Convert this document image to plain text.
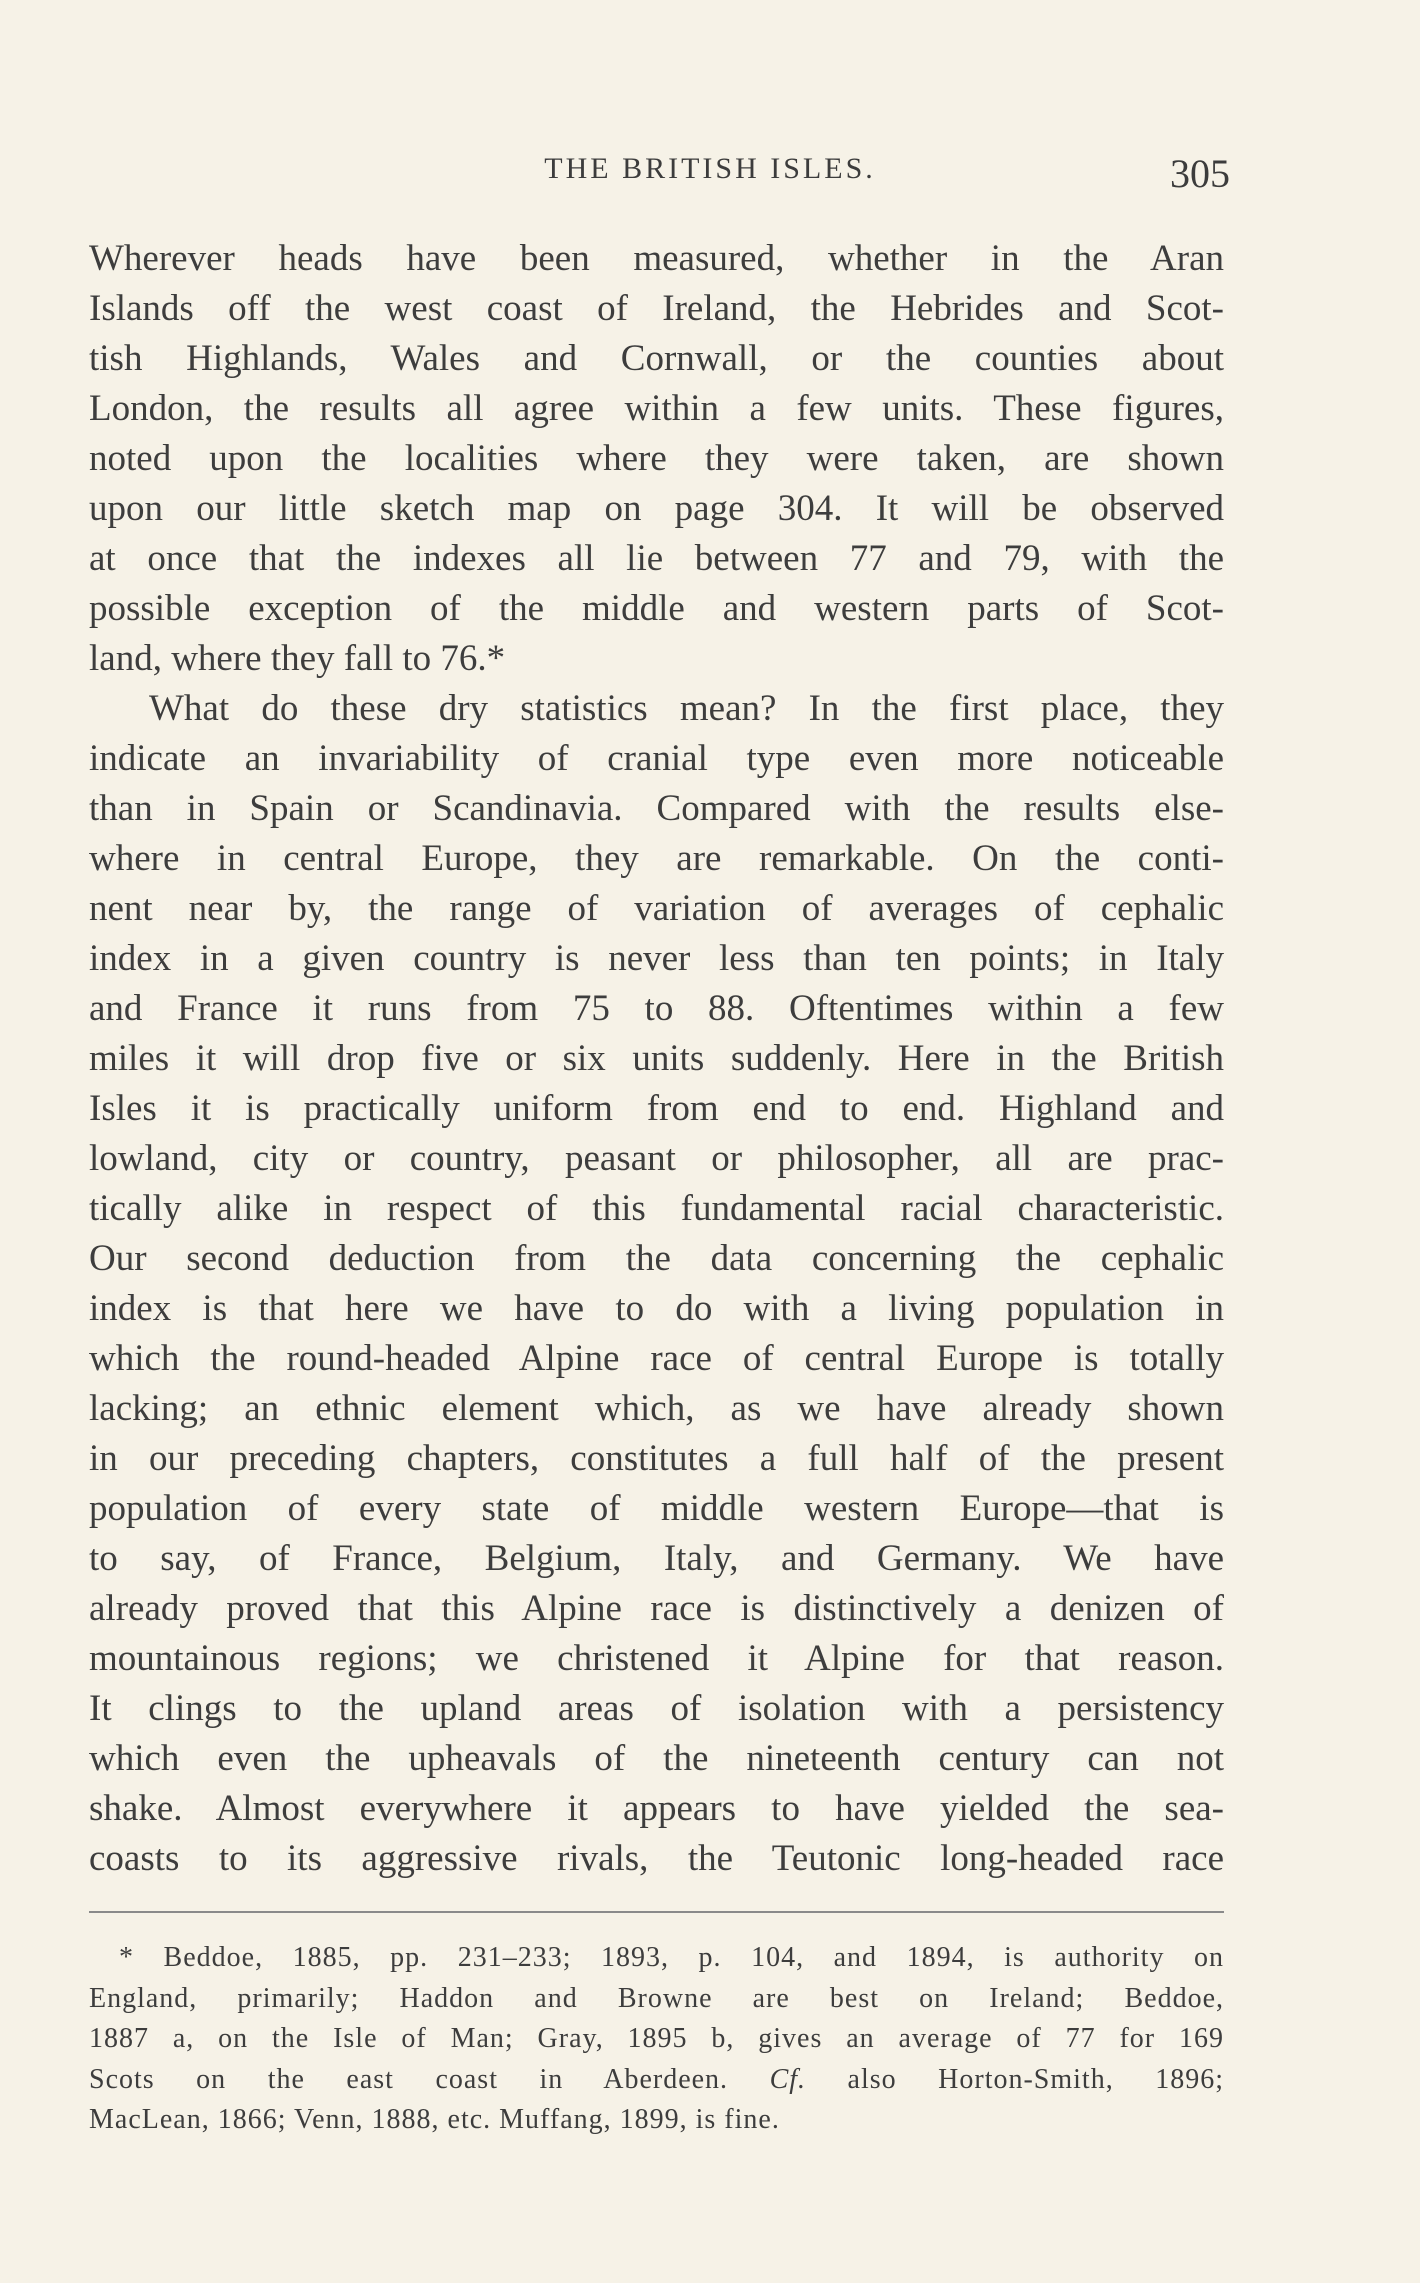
THE BRITISH ISLES.	305
Wherever heads have been measured, whether in the Aran
Islands off the west coast of Ireland, the Hebrides and Scot-
tish Highlands, Wales and Cornwall, or the counties about
London, the results all agree within a few units. These figures,
noted upon the localities where they were taken, are shown
upon our little sketch map on page 304. It will be observed
at once that the indexes all lie between 77 and 79, with the
possible exception of the middle and western parts of Scot-
land, where they fall to 76.*
What do these dry statistics mean? In the first place, they
indicate an invariability of cranial type even more noticeable
than in Spain or Scandinavia. Compared with the results else-
where in central Europe, they are remarkable. On the conti-
nent near by, the range of variation of averages of cephalic
index in a given country is never less than ten points; in Italy
and France it runs from 75 to 88. Oftentimes within a few
miles it will drop five or six units suddenly. Here in the British
Isles it is practically uniform from end to end. Highland and
lowland, city or country, peasant or philosopher, all are prac-
tically alike in respect of this fundamental racial characteristic.
Our second deduction from the data concerning the cephalic
index is that here we have to do with a living population in
which the round-headed Alpine race of central Europe is totally
lacking; an ethnic element which, as we have already shown
in our preceding chapters, constitutes a full half of the present
population of every state of middle western Europe—that is
to say, of France, Belgium, Italy, and Germany. We have
already proved that this Alpine race is distinctively a denizen of
mountainous regions; we christened it Alpine for that reason.
It clings to the upland areas of isolation with a persistency
which even the upheavals of the nineteenth century can not
shake. Almost everywhere it appears to have yielded the sea-
coasts to its aggressive rivals, the Teutonic long-headed race
* Beddoe, 1885, pp. 231–233; 1893, p. 104, and 1894, is authority on
England, primarily; Haddon and Browne are best on Ireland; Beddoe,
1887 a, on the Isle of Man; Gray, 1895 b, gives an average of 77 for 169
Scots on the east coast in Aberdeen. Cf. also Horton-Smith, 1896;
MacLean, 1866; Venn, 1888, etc. Muffang, 1899, is fine.
